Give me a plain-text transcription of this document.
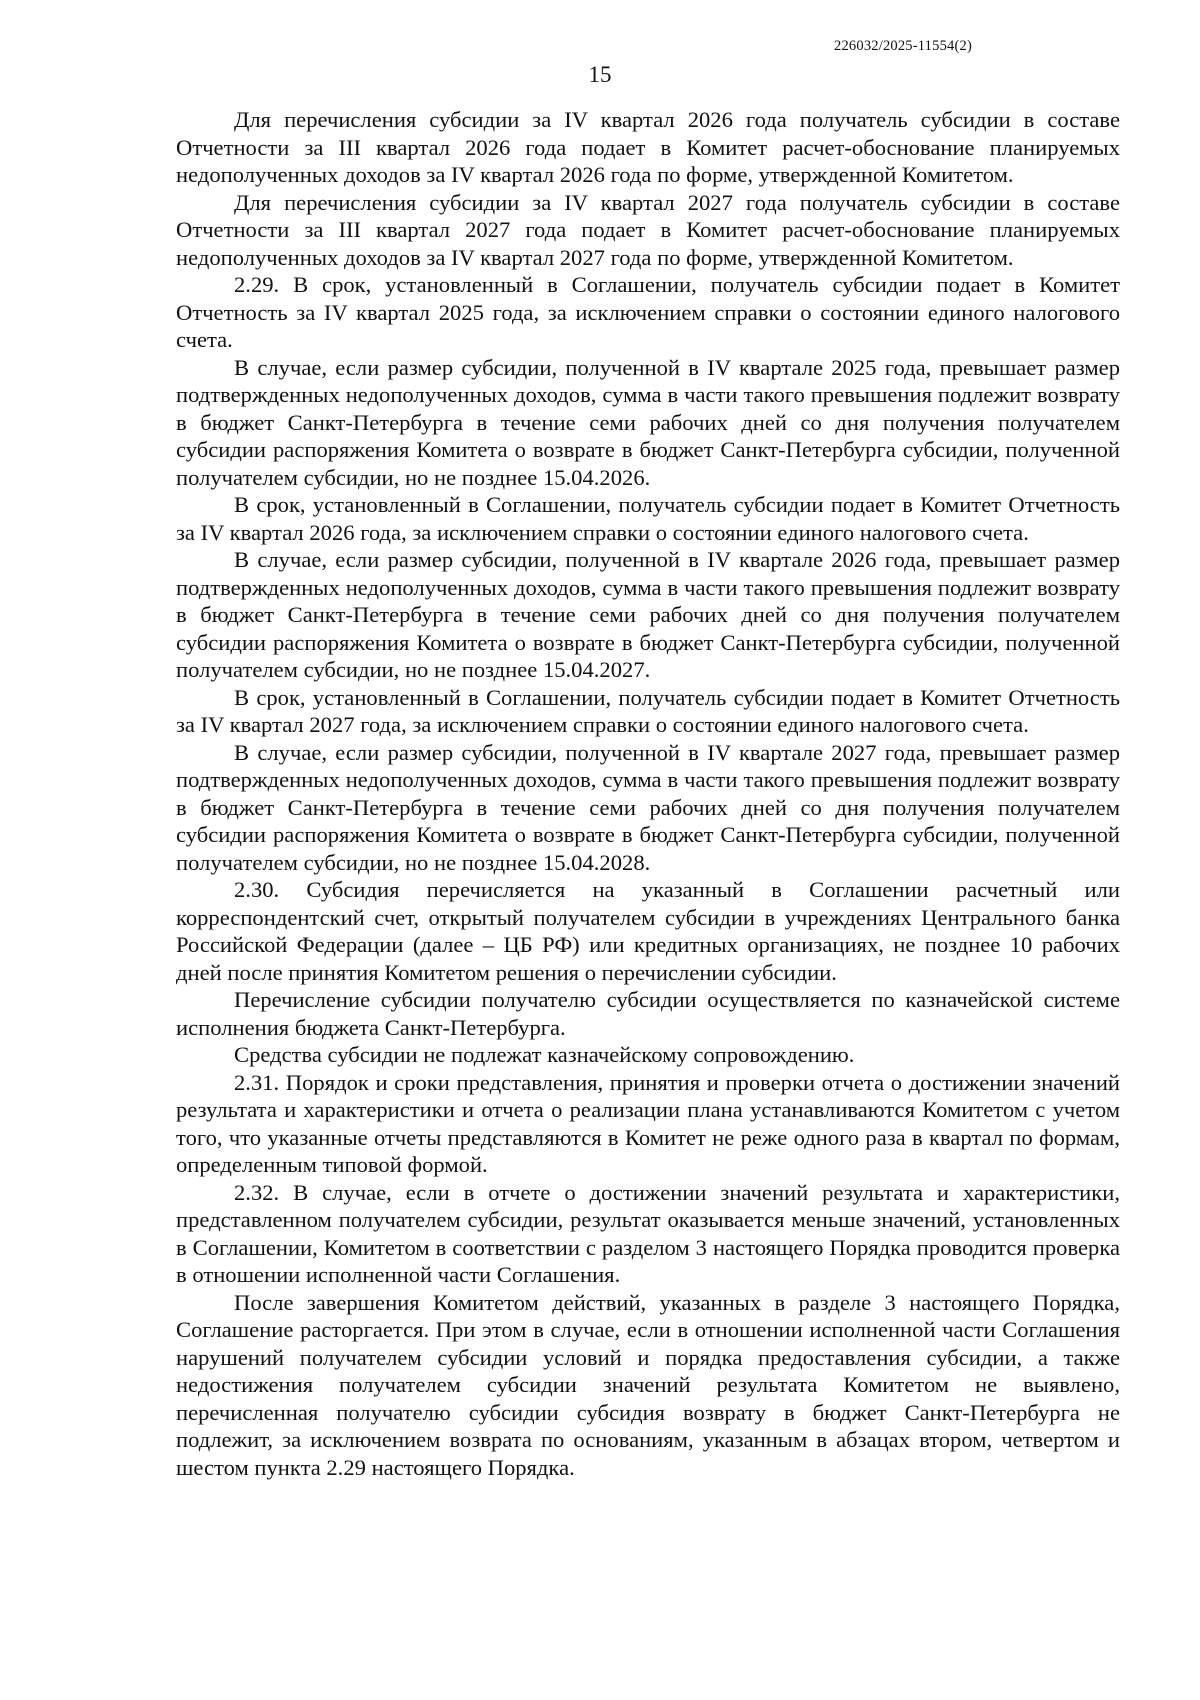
226032/2025-11554(2)
15

Для перечисления субсидии за IV квартал 2026 года получатель субсидии в составе Отчетности за III квартал 2026 года подает в Комитет расчет-обоснование планируемых недополученных доходов за IV квартал 2026 года по форме, утвержденной Комитетом.

Для перечисления субсидии за IV квартал 2027 года получатель субсидии в составе Отчетности за III квартал 2027 года подает в Комитет расчет-обоснование планируемых недополученных доходов за IV квартал 2027 года по форме, утвержденной Комитетом.

2.29. В срок, установленный в Соглашении, получатель субсидии подает в Комитет Отчетность за IV квартал 2025 года, за исключением справки о состоянии единого налогового счета.

В случае, если размер субсидии, полученной в IV квартале 2025 года, превышает размер подтвержденных недополученных доходов, сумма в части такого превышения подлежит возврату в бюджет Санкт-Петербурга в течение семи рабочих дней со дня получения получателем субсидии распоряжения Комитета о возврате в бюджет Санкт-Петербурга субсидии, полученной получателем субсидии, но не позднее 15.04.2026.

В срок, установленный в Соглашении, получатель субсидии подает в Комитет Отчетность за IV квартал 2026 года, за исключением справки о состоянии единого налогового счета.

В случае, если размер субсидии, полученной в IV квартале 2026 года, превышает размер подтвержденных недополученных доходов, сумма в части такого превышения подлежит возврату в бюджет Санкт-Петербурга в течение семи рабочих дней со дня получения получателем субсидии распоряжения Комитета о возврате в бюджет Санкт-Петербурга субсидии, полученной получателем субсидии, но не позднее 15.04.2027.

В срок, установленный в Соглашении, получатель субсидии подает в Комитет Отчетность за IV квартал 2027 года, за исключением справки о состоянии единого налогового счета.

В случае, если размер субсидии, полученной в IV квартале 2027 года, превышает размер подтвержденных недополученных доходов, сумма в части такого превышения подлежит возврату в бюджет Санкт-Петербурга в течение семи рабочих дней со дня получения получателем субсидии распоряжения Комитета о возврате в бюджет Санкт-Петербурга субсидии, полученной получателем субсидии, но не позднее 15.04.2028.

2.30. Субсидия перечисляется на указанный в Соглашении расчетный или корреспондентский счет, открытый получателем субсидии в учреждениях Центрального банка Российской Федерации (далее – ЦБ РФ) или кредитных организациях, не позднее 10 рабочих дней после принятия Комитетом решения о перечислении субсидии.

Перечисление субсидии получателю субсидии осуществляется по казначейской системе исполнения бюджета Санкт-Петербурга.

Средства субсидии не подлежат казначейскому сопровождению.

2.31. Порядок и сроки представления, принятия и проверки отчета о достижении значений результата и характеристики и отчета о реализации плана устанавливаются Комитетом с учетом того, что указанные отчеты представляются в Комитет не реже одного раза в квартал по формам, определенным типовой формой.

2.32. В случае, если в отчете о достижении значений результата и характеристики, представленном получателем субсидии, результат оказывается меньше значений, установленных в Соглашении, Комитетом в соответствии с разделом 3 настоящего Порядка проводится проверка в отношении исполненной части Соглашения.

После завершения Комитетом действий, указанных в разделе 3 настоящего Порядка, Соглашение расторгается. При этом в случае, если в отношении исполненной части Соглашения нарушений получателем субсидии условий и порядка предоставления субсидии, а также недостижения получателем субсидии значений результата Комитетом не выявлено, перечисленная получателю субсидии субсидия возврату в бюджет Санкт-Петербурга не подлежит, за исключением возврата по основаниям, указанным в абзацах втором, четвертом и шестом пункта 2.29 настоящего Порядка.
